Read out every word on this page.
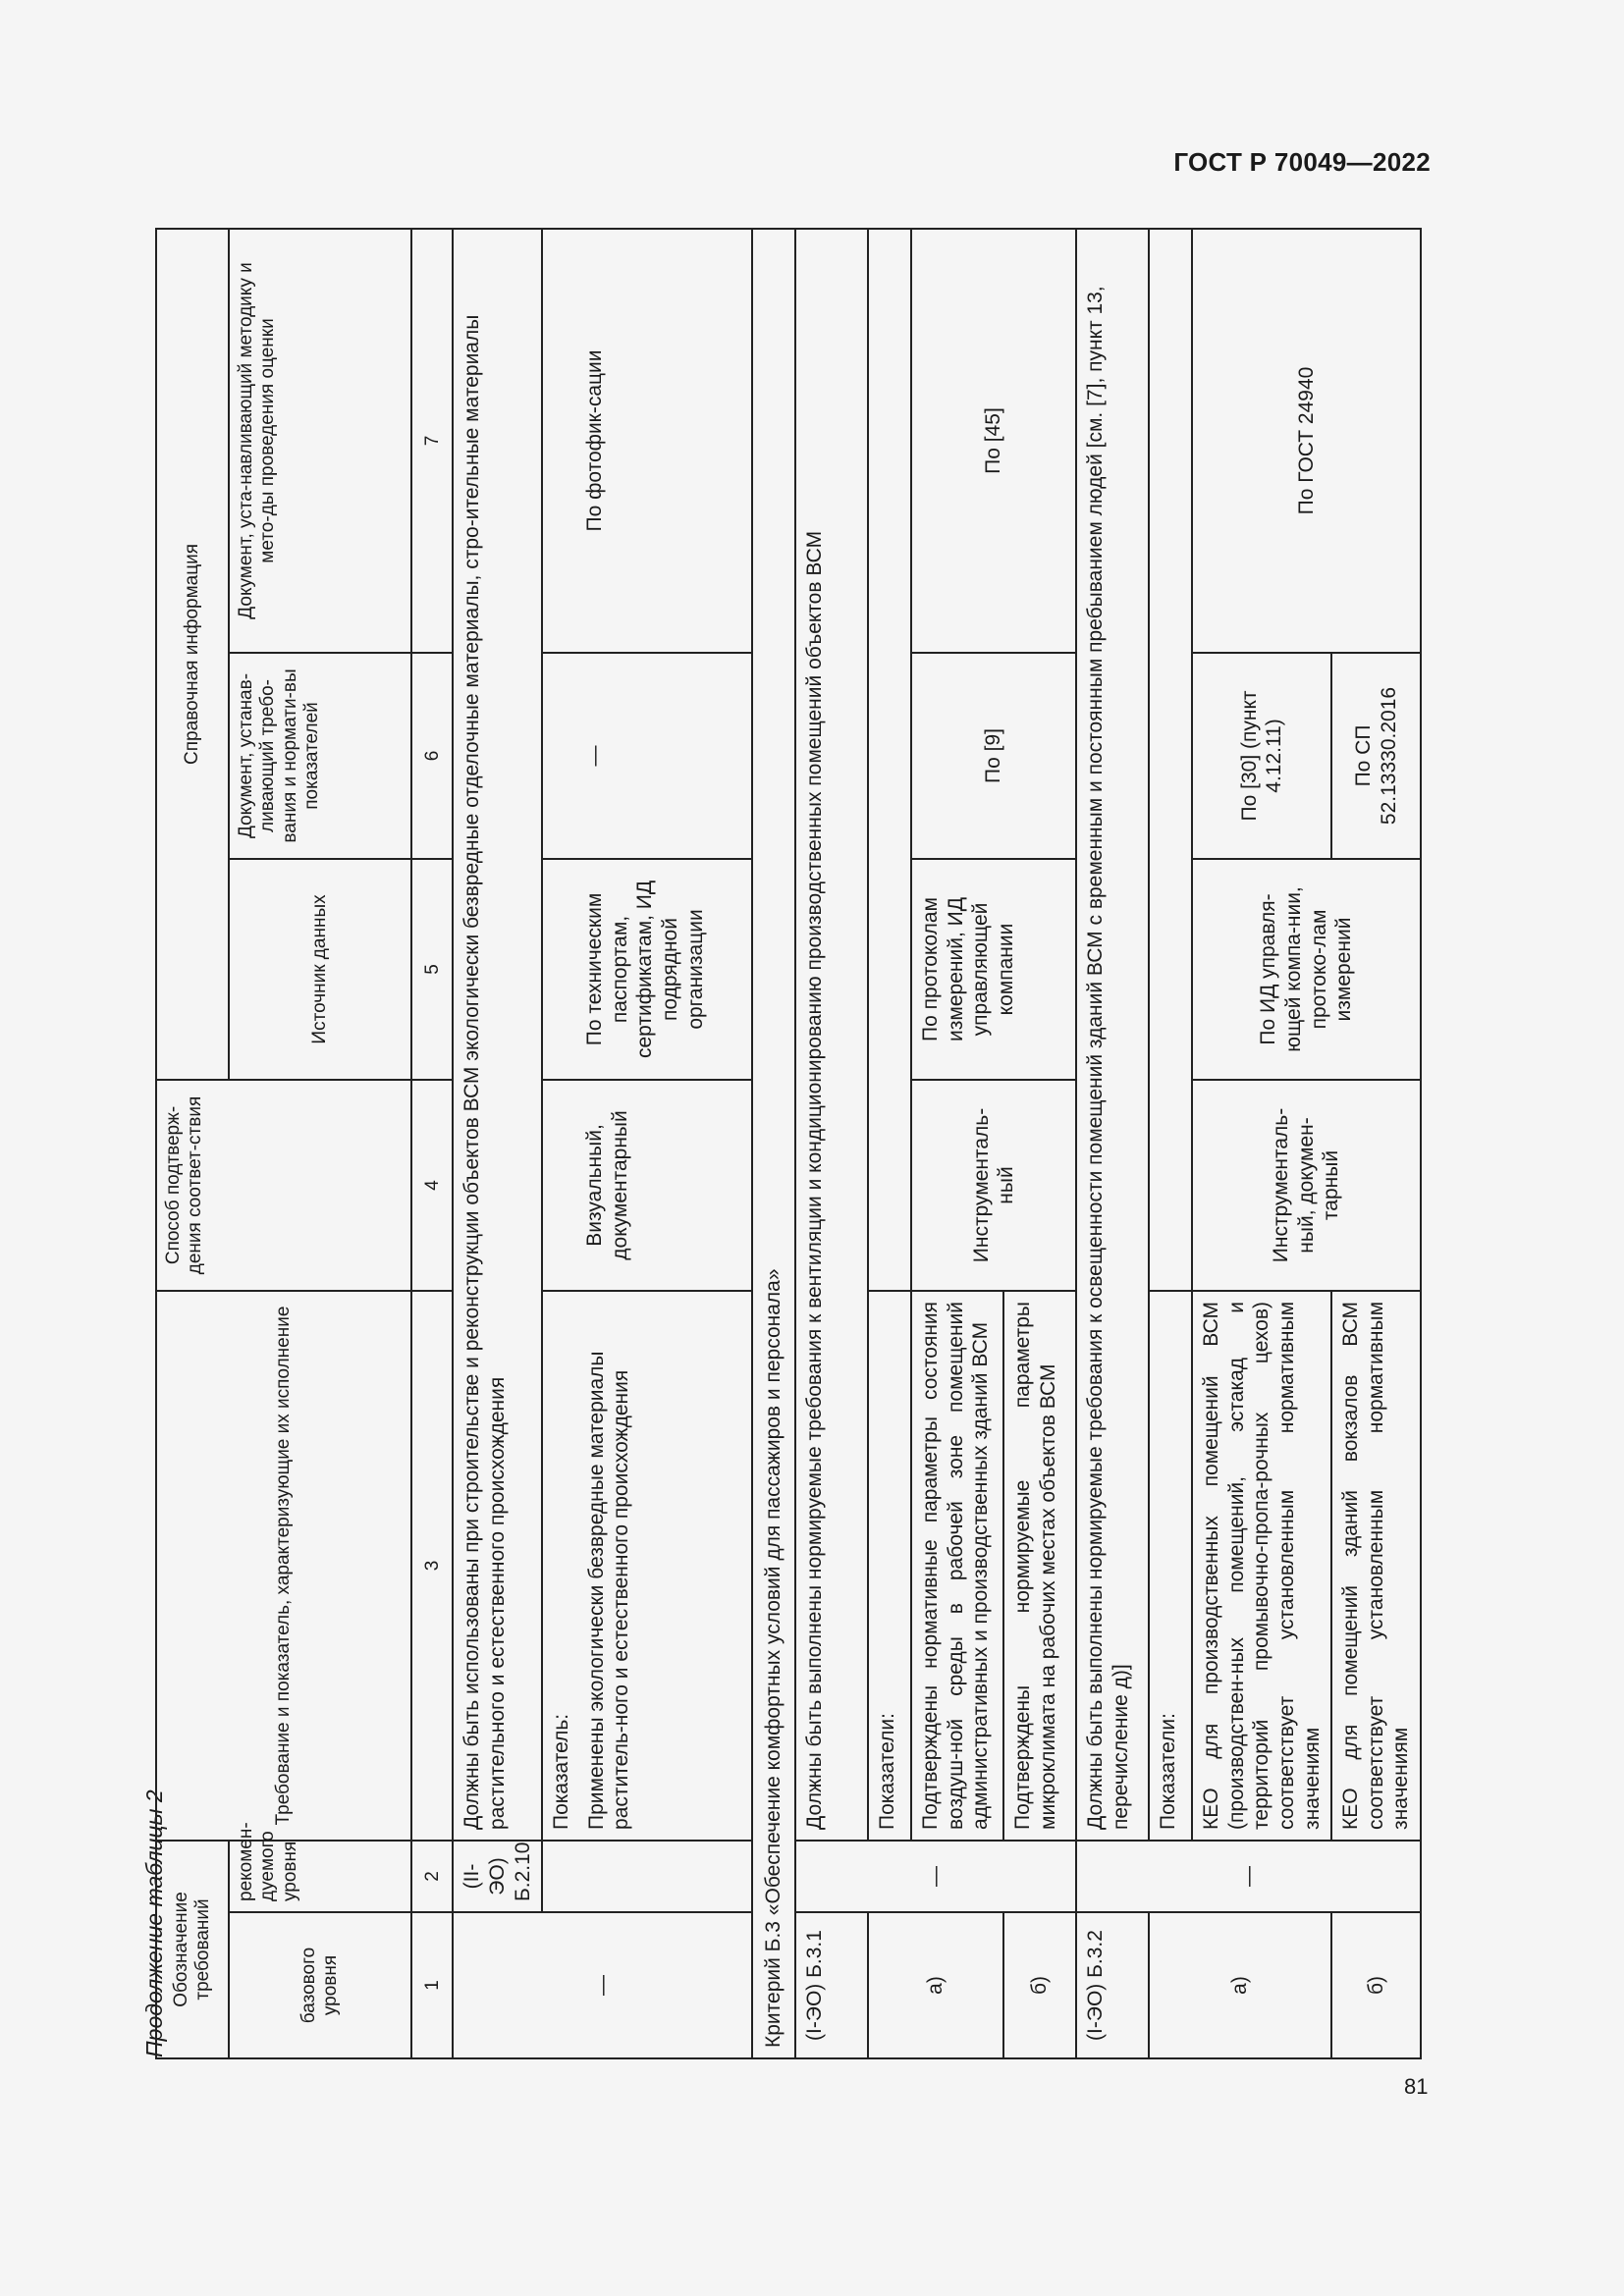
ГОСТ Р 70049—2022
Продолжение таблицы 2 Обозначение требований		Требование и показатель, характеризующие их исполнение	Способ подтверж-дения соответ-ствия	Справочная информация		
базового уровня	рекомен-дуемого уровня			Источник данных	Документ, устанав-ливающий требо-вания и нормати-вы показателей	Документ, уста-навливающий методику и мето-ды проведения оценки
1	2	3	4	5	6	7
—	(II-ЭО) Б.2.10	Должны быть использованы при строительстве и реконструкции объектов ВСМ экологически безвредные отделочные материалы, стро-ительные материалы растительного и естественного происхождения				

		Показатель: Применены экологически безвредные материалы раститель-ного и естественного происхождения	Визуальный, документарный	По техническим паспортам, сертификатам, ИД подрядной организации	—	По фотофик-сации
Критерий Б.3 «Обеспечение комфортных условий для пассажиров и персонала»						
(I-ЭО) Б.3.1	—	Должны быть выполнены нормируемые требования к вентиляции и кондиционированию производственных помещений объектов ВСМ				
а)		Показатели:				
		Подтверждены нормативные параметры состояния воздуш-ной среды в рабочей зоне помещений административных и производственных зданий ВСМ	Инструменталь-ный	По протоколам измерений, ИД управляющей компании	По [9]	По [45]
б)		Подтверждены нормируемые параметры микроклимата на рабочих местах объектов ВСМ				
(I-ЭО) Б.3.2	—	Должны быть выполнены нормируемые требования к освещенности помещений зданий ВСМ с временным и постоянным пребыванием людей [см. [7], пункт 13, перечисление д)]				
а)		Показатели:				
		КЕО для производственных помещений ВСМ (производствен-ных помещений, эстакад и территорий промывочно-пропа-рочных цехов) соответствует установленным нормативным значениям	Инструменталь-ный, докумен-тарный	По ИД управля-ющей компа-нии, протоко-лам измерений	По [30] (пункт 4.12.11)	По ГОСТ 24940
б)		КЕО для помещений зданий вокзалов ВСМ соответствует установленным нормативным значениям			По СП 52.13330.2016	
81
